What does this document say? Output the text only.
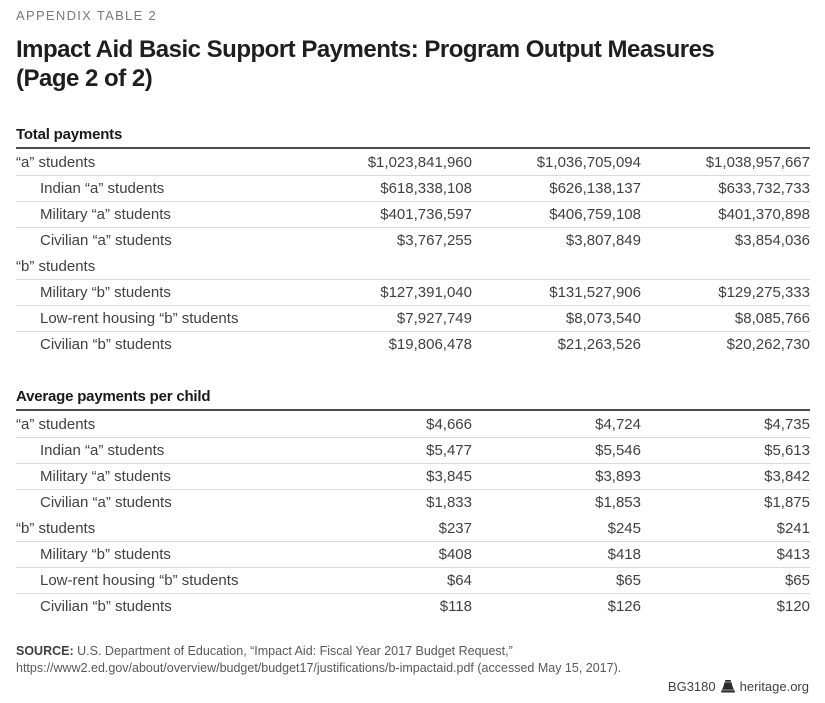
APPENDIX TABLE 2
Impact Aid Basic Support Payments: Program Output Measures
(Page 2 of 2)
Total payments
“a” students	$1,023,841,960	$1,036,705,094	$1,038,957,667
Indian “a” students	$618,338,108	$626,138,137	$633,732,733
Military “a” students	$401,736,597	$406,759,108	$401,370,898
Civilian “a” students	$3,767,255	$3,807,849	$3,854,036
“b” students
Military “b” students	$127,391,040	$131,527,906	$129,275,333
Low-rent housing “b” students	$7,927,749	$8,073,540	$8,085,766
Civilian “b” students	$19,806,478	$21,263,526	$20,262,730
Average payments per child
“a” students	$4,666	$4,724	$4,735
Indian “a” students	$5,477	$5,546	$5,613
Military “a” students	$3,845	$3,893	$3,842
Civilian “a” students	$1,833	$1,853	$1,875
“b” students	$237	$245	$241
Military “b” students	$408	$418	$413
Low-rent housing “b” students	$64	$65	$65
Civilian “b” students	$118	$126	$120
SOURCE: U.S. Department of Education, “Impact Aid: Fiscal Year 2017 Budget Request,” https://www2.ed.gov/about/overview/budget/budget17/justifications/b-impactaid.pdf (accessed May 15, 2017).
BG3180 heritage.org
